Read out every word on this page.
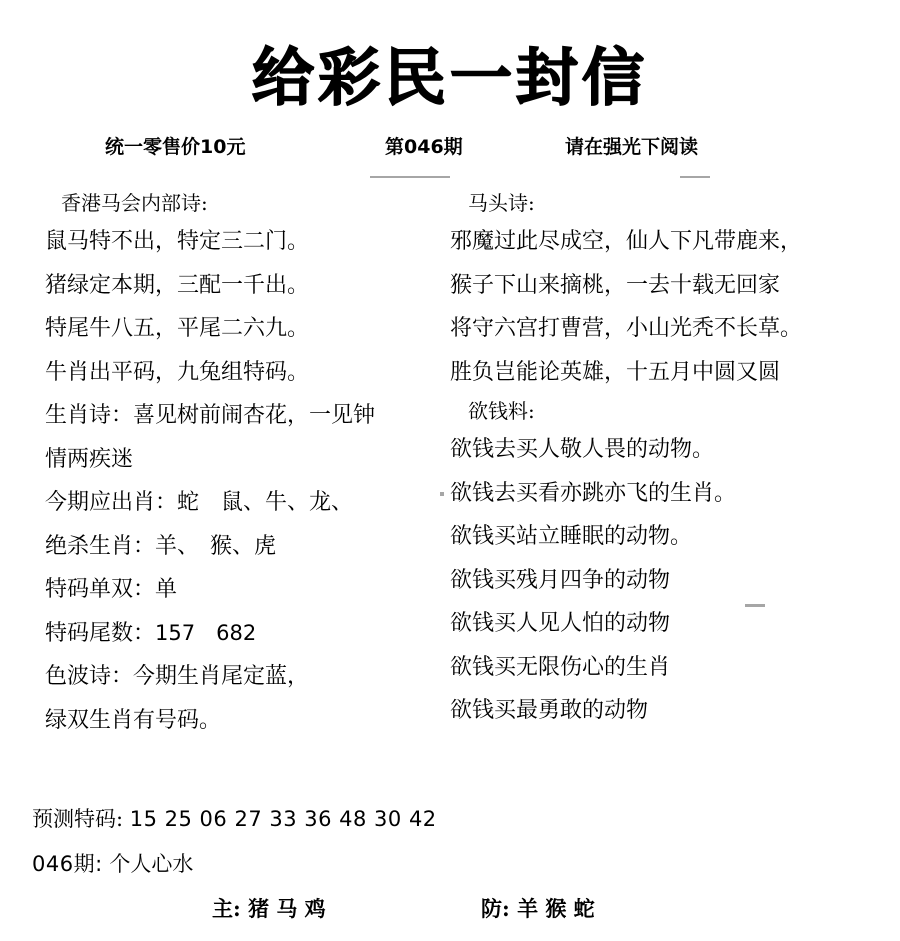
给彩民一封信
统一零售价10元	第046期	请在强光下阅读
香港马会内部诗:
鼠马特不出，特定三二门。
猪绿定本期，三配一千出。
特尾牛八五，平尾二六九。
牛肖出平码，九兔组特码。
生肖诗：喜见树前闹杏花，一见钟
情两疾迷
今期应出肖：蛇　鼠、牛、龙、
绝杀生肖：羊、　猴、虎
特码单双：单
特码尾数：157　682
色波诗：今期生肖尾定蓝，
绿双生肖有号码。
马头诗:
邪魔过此尽成空，仙人下凡带鹿来，
猴子下山来摘桃，一去十载无回家
将守六宫打曹营，小山光秃不长草。
胜负岂能论英雄，十五月中圆又圆
欲钱料:
欲钱去买人敬人畏的动物。
欲钱去买看亦跳亦飞的生肖。
欲钱买站立睡眠的动物。
欲钱买残月四争的动物
欲钱买人见人怕的动物
欲钱买无限伤心的生肖
欲钱买最勇敢的动物
预测特码: 15 25 06 27 33 36 48 30 42
046期: 个人心水
主: 猪 马 鸡	防: 羊 猴 蛇
